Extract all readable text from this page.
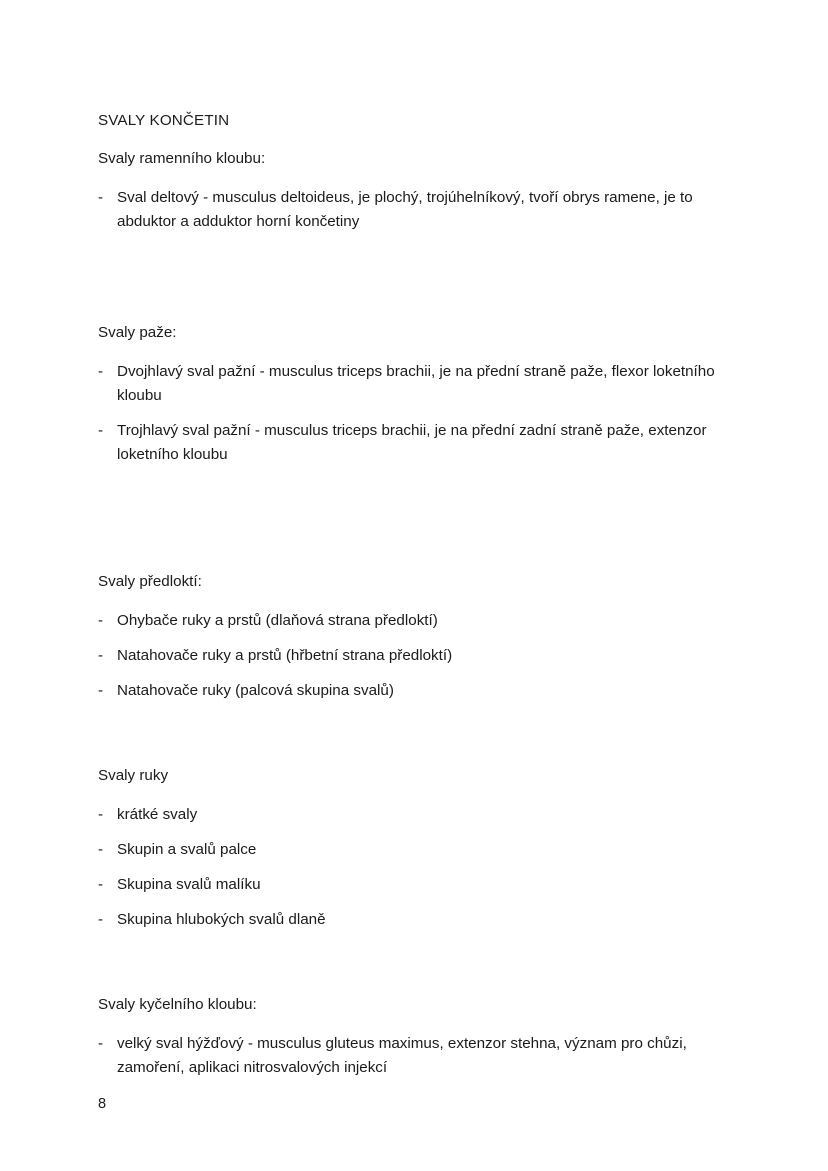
SVALY KONČETIN

Svaly ramenního kloubu:

- Sval deltový - musculus deltoideus, je plochý, trojúhelníkový, tvoří obrys ramene, je to abduktor a adduktor horní končetiny

Svaly paže:

- Dvojhlavý sval pažní - musculus triceps brachii, je na přední straně paže, flexor loketního kloubu
- Trojhlavý sval pažní - musculus triceps brachii, je na přední zadní straně paže, extenzor loketního kloubu

Svaly předloktí:

- Ohybače ruky a prstů (dlaňová strana předloktí)
- Natahovače ruky a prstů (hřbetní strana předloktí)
- Natahovače ruky (palcová skupina svalů)

Svaly ruky

- krátké svaly
- Skupin a svalů palce
- Skupina svalů malíku
- Skupina hlubokých svalů dlaně

Svaly kyčelního kloubu:

- velký sval hýžďový - musculus gluteus maximus, extenzor stehna, význam pro chůzi, zamoření, aplikaci nitrosvalových injekcí
8
